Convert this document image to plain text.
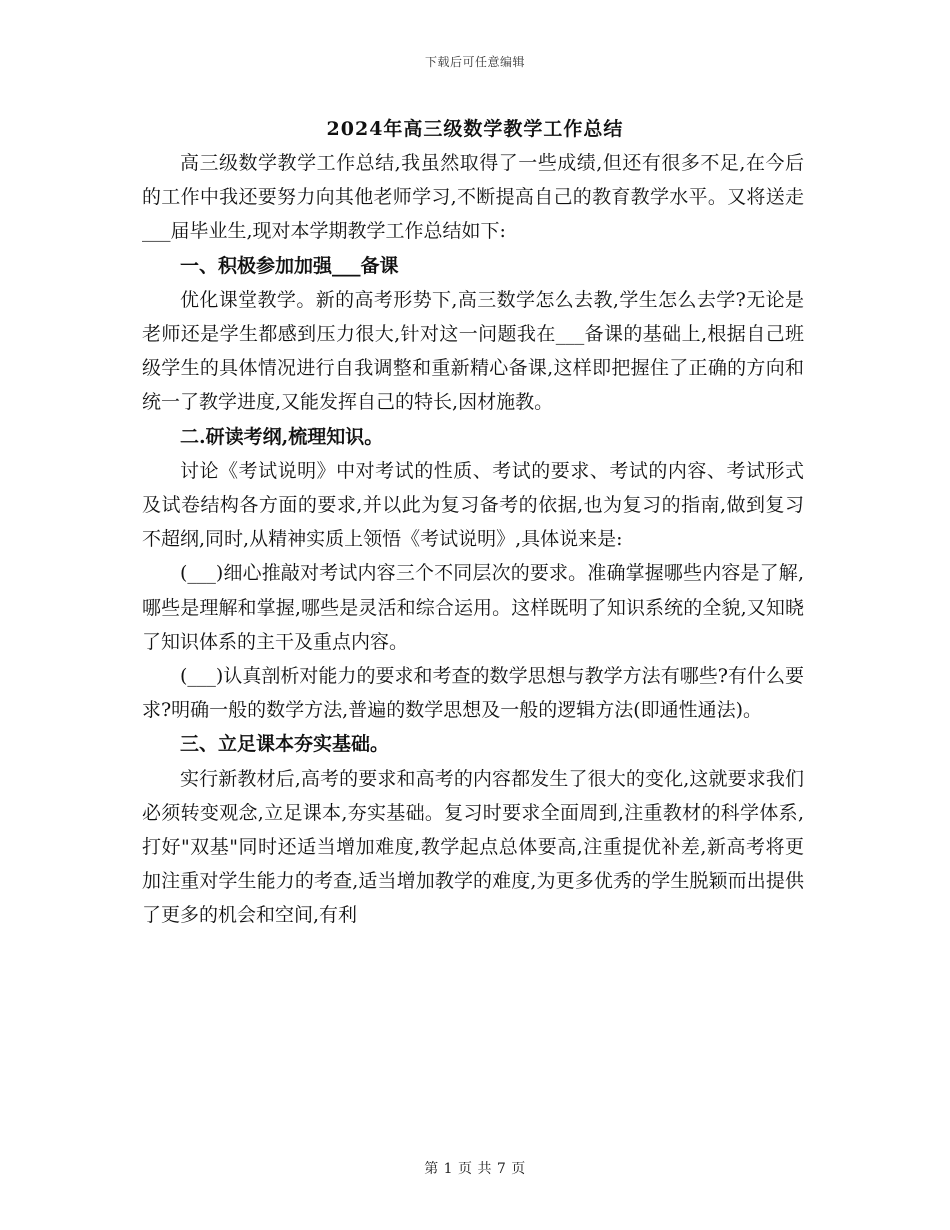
下载后可任意编辑
2024年高三级数学教学工作总结

高三级数学教学工作总结,我虽然取得了一些成绩,但还有很多不足,在今后的工作中我还要努力向其他老师学习,不断提高自己的教育教学水平。又将送走___届毕业生,现对本学期教学工作总结如下:

一、积极参加加强___备课

优化课堂教学。新的高考形势下,高三数学怎么去教,学生怎么去学?无论是老师还是学生都感到压力很大,针对这一问题我在___备课的基础上,根据自己班级学生的具体情况进行自我调整和重新精心备课,这样即把握住了正确的方向和统一了教学进度,又能发挥自己的特长,因材施教。

二.研读考纲,梳理知识。

讨论《考试说明》中对考试的性质、考试的要求、考试的内容、考试形式及试卷结构各方面的要求,并以此为复习备考的依据,也为复习的指南,做到复习不超纲,同时,从精神实质上领悟《考试说明》,具体说来是:

(___)细心推敲对考试内容三个不同层次的要求。准确掌握哪些内容是了解,哪些是理解和掌握,哪些是灵活和综合运用。这样既明了知识系统的全貌,又知晓了知识体系的主干及重点内容。

(___)认真剖析对能力的要求和考查的数学思想与教学方法有哪些?有什么要求?明确一般的数学方法,普遍的数学思想及一般的逻辑方法(即通性通法)。

三、立足课本夯实基础。

实行新教材后,高考的要求和高考的内容都发生了很大的变化,这就要求我们必须转变观念,立足课本,夯实基础。复习时要求全面周到,注重教材的科学体系,打好"双基"同时还适当增加难度,教学起点总体要高,注重提优补差,新高考将更加注重对学生能力的考查,适当增加教学的难度,为更多优秀的学生脱颖而出提供了更多的机会和空间,有利

第 1 页 共 7 页
